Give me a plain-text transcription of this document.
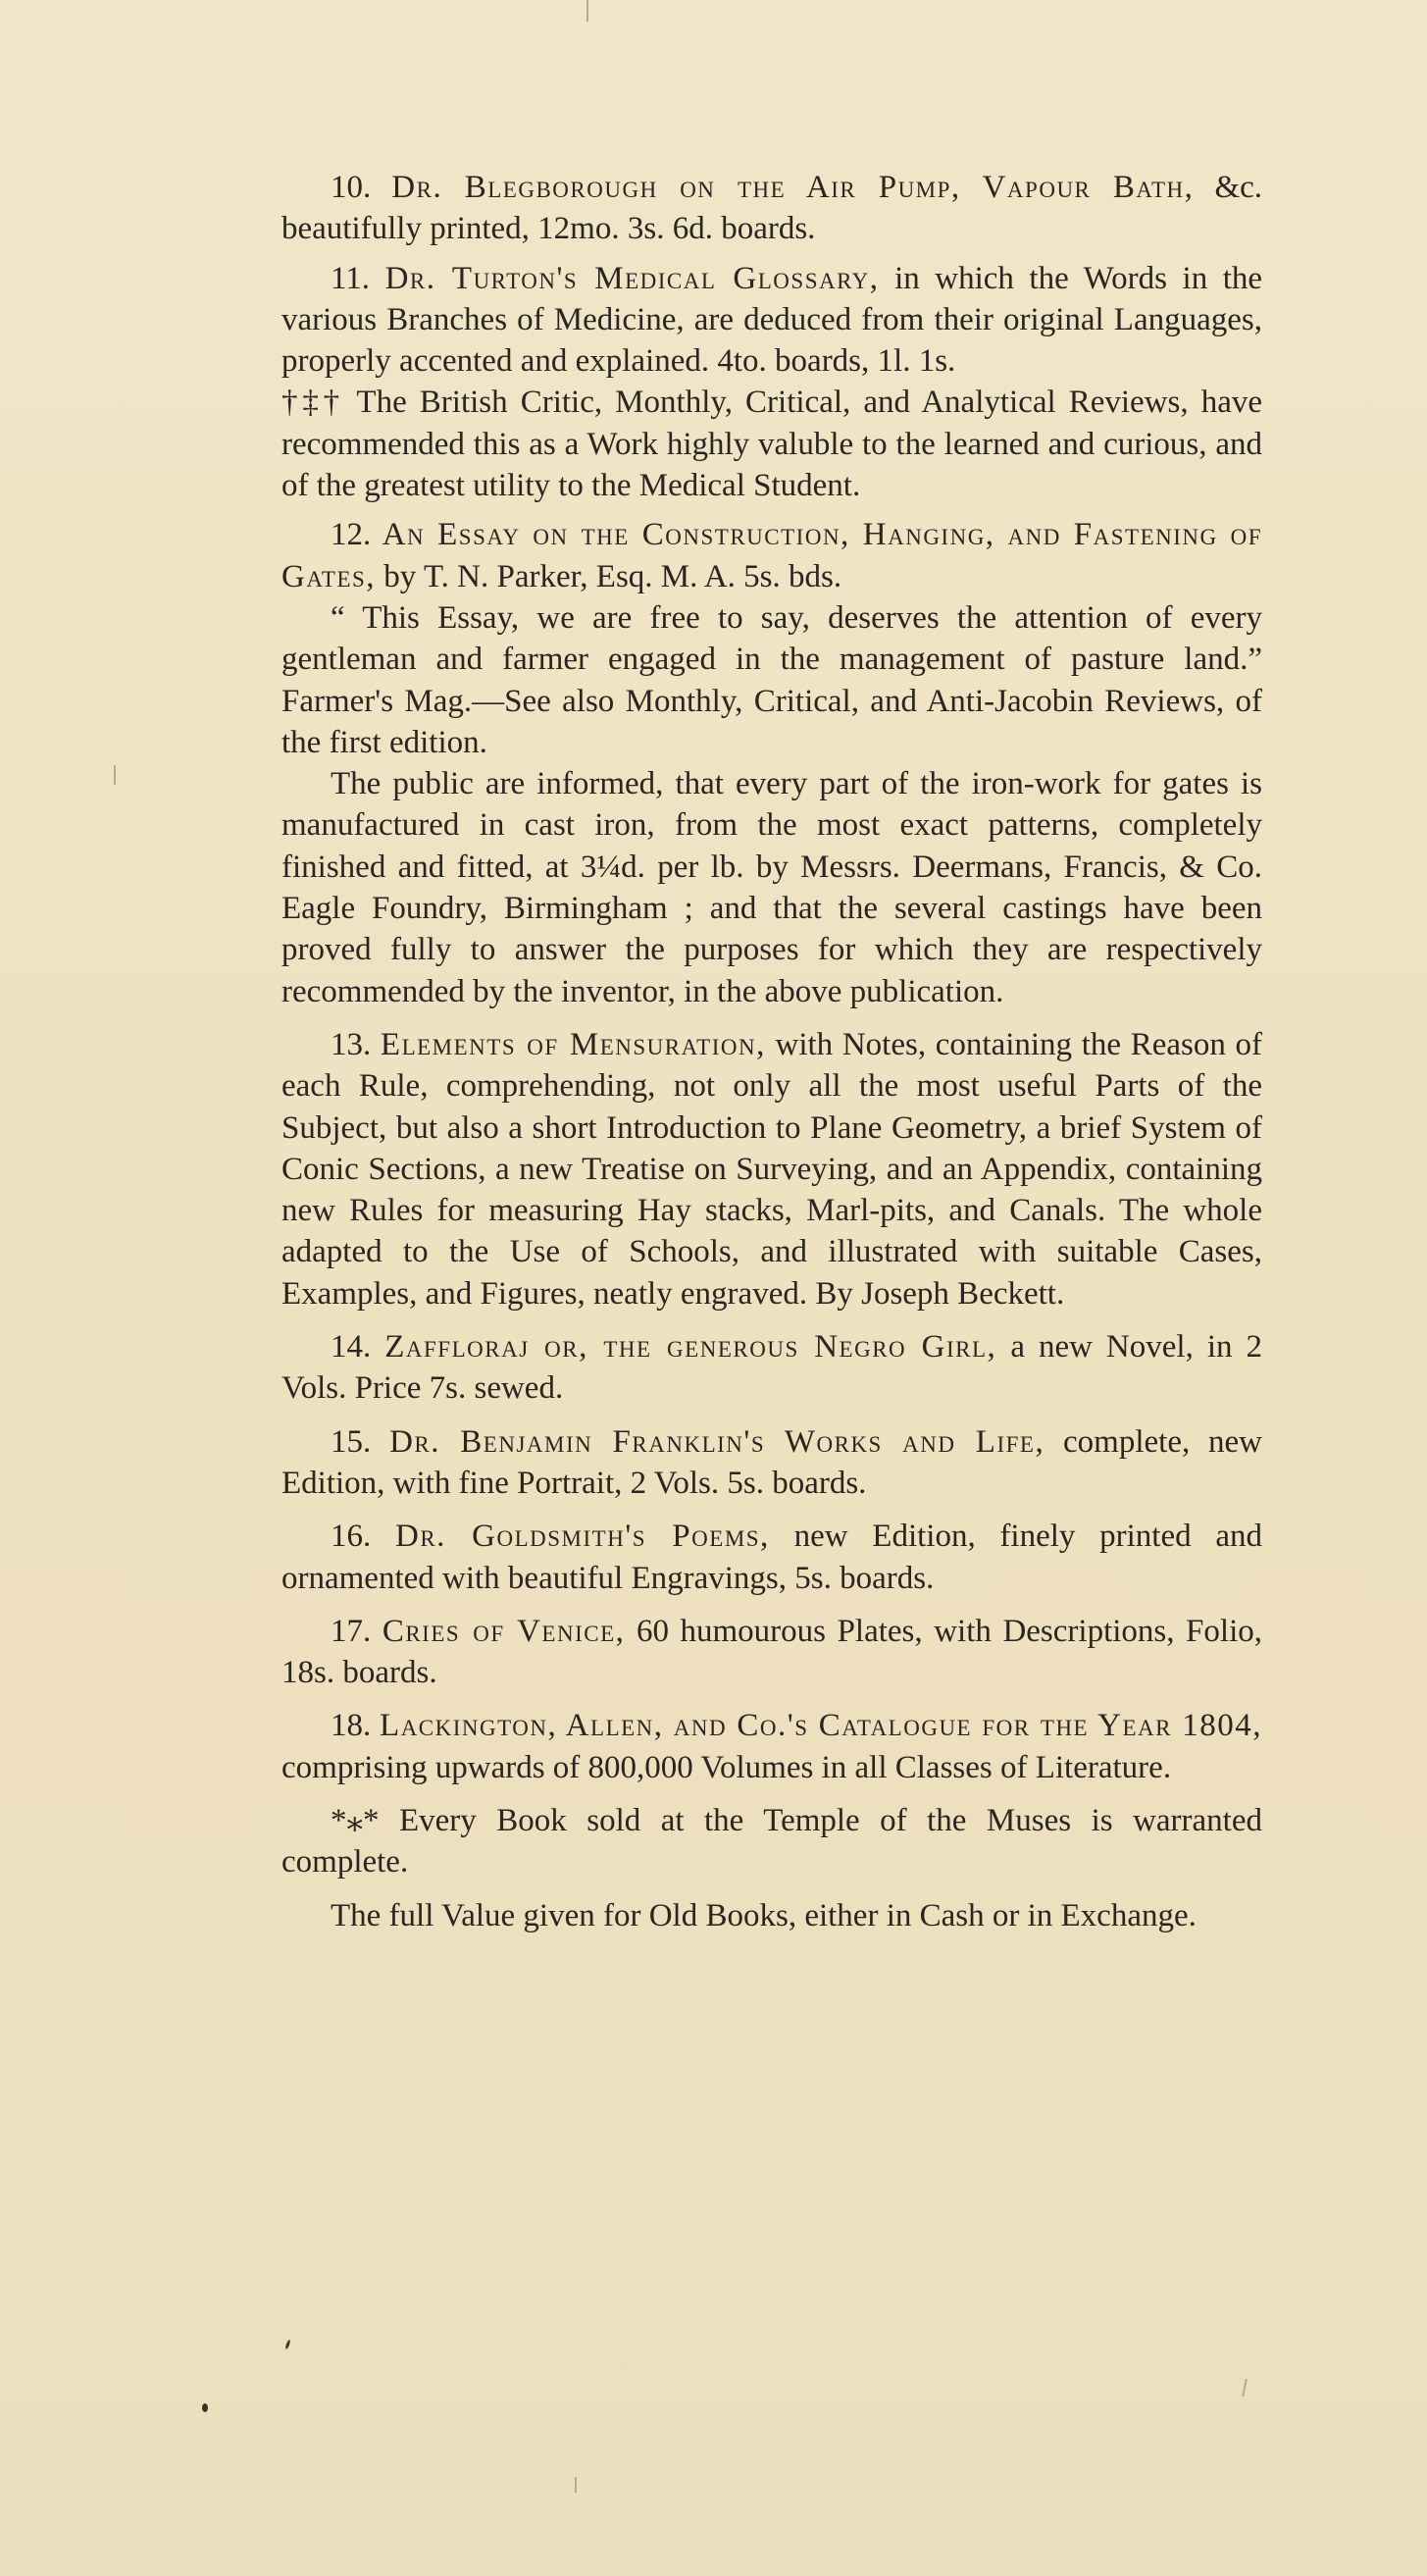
10. Dr. Blegborough on the Air Pump, Vapour Bath, &c. beautifully printed, 12mo. 3s. 6d. boards.

11. Dr. Turton's Medical Glossary, in which the Words in the various Branches of Medicine, are deduced from their original Languages, properly accented and explained. 4to. boards, 1l. 1s.

†‡† The British Critic, Monthly, Critical, and Analytical Reviews, have recommended this as a Work highly valuble to the learned and curious, and of the greatest utility to the Medical Student.

12. An Essay on the Construction, Hanging, and Fastening of Gates, by T. N. Parker, Esq. M. A. 5s. bds.

“ This Essay, we are free to say, deserves the attention of every gentleman and farmer engaged in the management of pasture land.” Farmer's Mag.—See also Monthly, Critical, and Anti-Jacobin Reviews, of the first edition.

The public are informed, that every part of the iron-work for gates is manufactured in cast iron, from the most exact patterns, completely finished and fitted, at 3¼d. per lb. by Messrs. Deermans, Francis, & Co. Eagle Foundry, Birmingham ; and that the several castings have been proved fully to answer the purposes for which they are respectively recommended by the inventor, in the above publication.

13. Elements of Mensuration, with Notes, containing the Reason of each Rule, comprehending, not only all the most useful Parts of the Subject, but also a short Introduction to Plane Geometry, a brief System of Conic Sections, a new Treatise on Surveying, and an Appendix, containing new Rules for measuring Hay stacks, Marl-pits, and Canals. The whole adapted to the Use of Schools, and illustrated with suitable Cases, Examples, and Figures, neatly engraved. By Joseph Beckett.

14. Zaffloraj or, the generous Negro Girl, a new Novel, in 2 Vols. Price 7s. sewed.

15. Dr. Benjamin Franklin's Works and Life, complete, new Edition, with fine Portrait, 2 Vols. 5s. boards.

16. Dr. Goldsmith's Poems, new Edition, finely printed and ornamented with beautiful Engravings, 5s. boards.

17. Cries of Venice, 60 humourous Plates, with Descriptions, Folio, 18s. boards.

18. Lackington, Allen, and Co.'s Catalogue for the Year 1804, comprising upwards of 800,000 Volumes in all Classes of Literature.

*⁎* Every Book sold at the Temple of the Muses is warranted complete.

The full Value given for Old Books, either in Cash or in Exchange.
